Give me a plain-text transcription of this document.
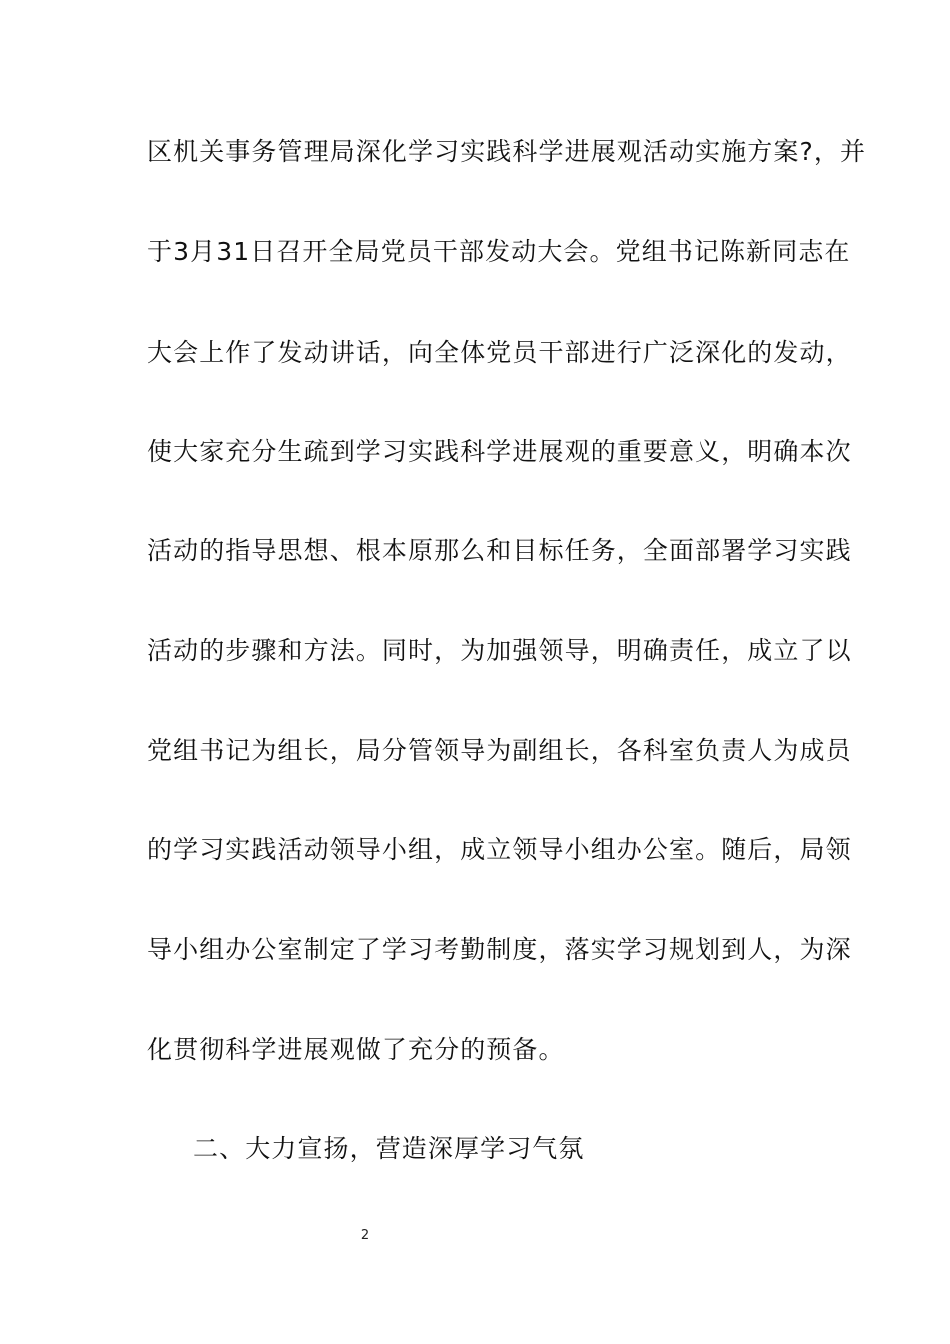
区机关事务管理局深化学习实践科学进展观活动实施方案?，并
于3月31日召开全局党员干部发动大会。党组书记陈新同志在
大会上作了发动讲话，向全体党员干部进行广泛深化的发动，
使大家充分生疏到学习实践科学进展观的重要意义，明确本次
活动的指导思想、根本原那么和目标任务，全面部署学习实践
活动的步骤和方法。同时，为加强领导，明确责任，成立了以
党组书记为组长，局分管领导为副组长，各科室负责人为成员
的学习实践活动领导小组，成立领导小组办公室。随后，局领
导小组办公室制定了学习考勤制度，落实学习规划到人，为深
化贯彻科学进展观做了充分的预备。
二、大力宣扬，营造深厚学习气氛
2
